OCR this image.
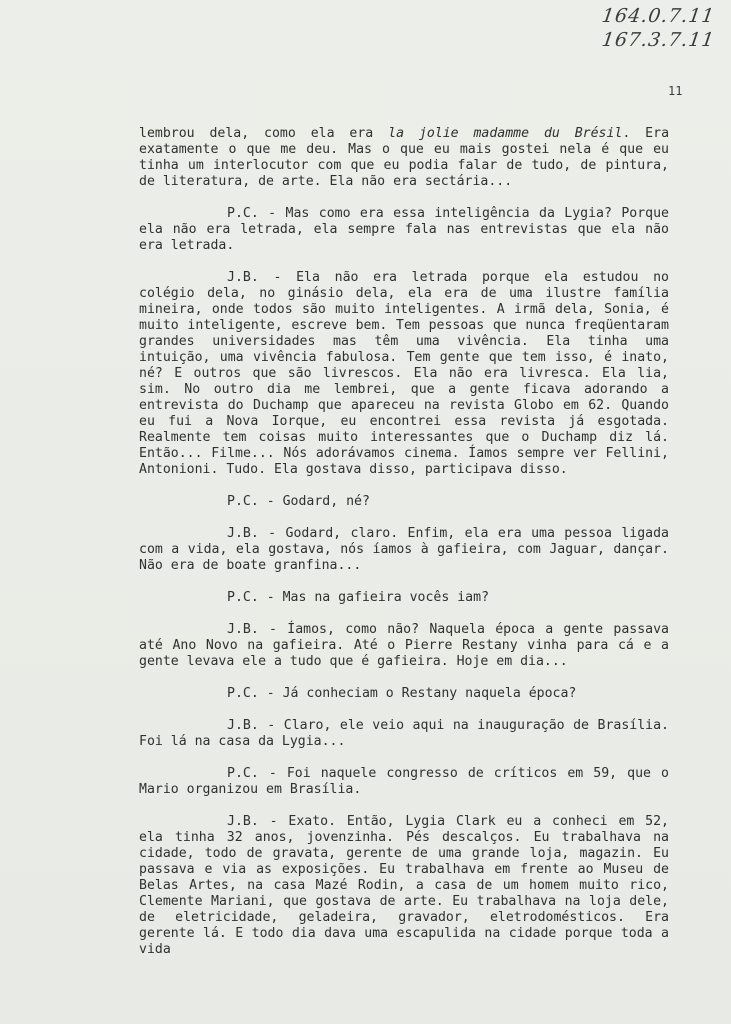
164.0.7.11
167.3.7.11
11

lembrou dela, como ela era la jolie madamme du Brésil. Era exatamente o que me deu. Mas o que eu mais gostei nela é que eu tinha um interlocutor com que eu podia falar de tudo, de pintura, de literatura, de arte. Ela não era sectária...

P.C. - Mas como era essa inteligência da Lygia? Porque ela não era letrada, ela sempre fala nas entrevistas que ela não era letrada.

J.B. - Ela não era letrada porque ela estudou no colégio dela, no ginásio dela, ela era de uma ilustre família mineira, onde todos são muito inteligentes. A irmã dela, Sonia, é muito inteligente, escreve bem. Tem pessoas que nunca freqüentaram grandes universidades mas têm uma vivência. Ela tinha uma intuição, uma vivência fabulosa. Tem gente que tem isso, é inato, né? E outros que são livrescos. Ela não era livresca. Ela lia, sim. No outro dia me lembrei, que a gente ficava adorando a entrevista do Duchamp que apareceu na revista Globo em 62. Quando eu fui a Nova Iorque, eu encontrei essa revista já esgotada. Realmente tem coisas muito interessantes que o Duchamp diz lá. Então... Filme... Nós adorávamos cinema. Íamos sempre ver Fellini, Antonioni. Tudo. Ela gostava disso, participava disso.

P.C. - Godard, né?

J.B. - Godard, claro. Enfim, ela era uma pessoa ligada com a vida, ela gostava, nós íamos à gafieira, com Jaguar, dançar. Não era de boate granfina...

P.C. - Mas na gafieira vocês iam?

J.B. - Íamos, como não? Naquela época a gente passava até Ano Novo na gafieira. Até o Pierre Restany vinha para cá e a gente levava ele a tudo que é gafieira. Hoje em dia...

P.C. - Já conheciam o Restany naquela época?

J.B. - Claro, ele veio aqui na inauguração de Brasília. Foi lá na casa da Lygia...

P.C. - Foi naquele congresso de críticos em 59, que o Mario organizou em Brasília.

J.B. - Exato. Então, Lygia Clark eu a conheci em 52, ela tinha 32 anos, jovenzinha. Pés descalços. Eu trabalhava na cidade, todo de gravata, gerente de uma grande loja, magazin. Eu passava e via as exposições. Eu trabalhava em frente ao Museu de Belas Artes, na casa Mazé Rodin, a casa de um homem muito rico, Clemente Mariani, que gostava de arte. Eu trabalhava na loja dele, de eletricidade, geladeira, gravador, eletrodomésticos. Era gerente lá. E todo dia dava uma escapulida na cidade porque toda a vida
